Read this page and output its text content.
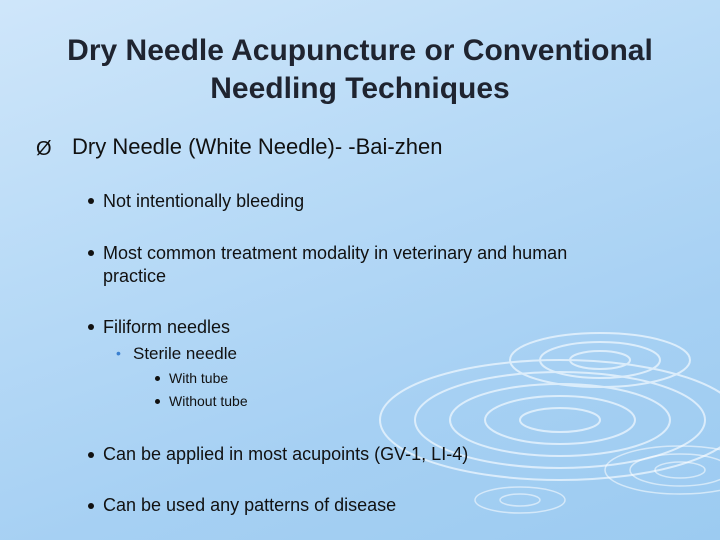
Dry Needle Acupuncture or Conventional Needling Techniques
Ø Dry Needle (White Needle)- -Bai-zhen
Not intentionally bleeding
Most common treatment modality in veterinary and human
practice
Filiform needles
• Sterile needle
With tube
Without tube
Can be applied in most acupoints (GV-1, LI-4)
Can be used any patterns of disease
